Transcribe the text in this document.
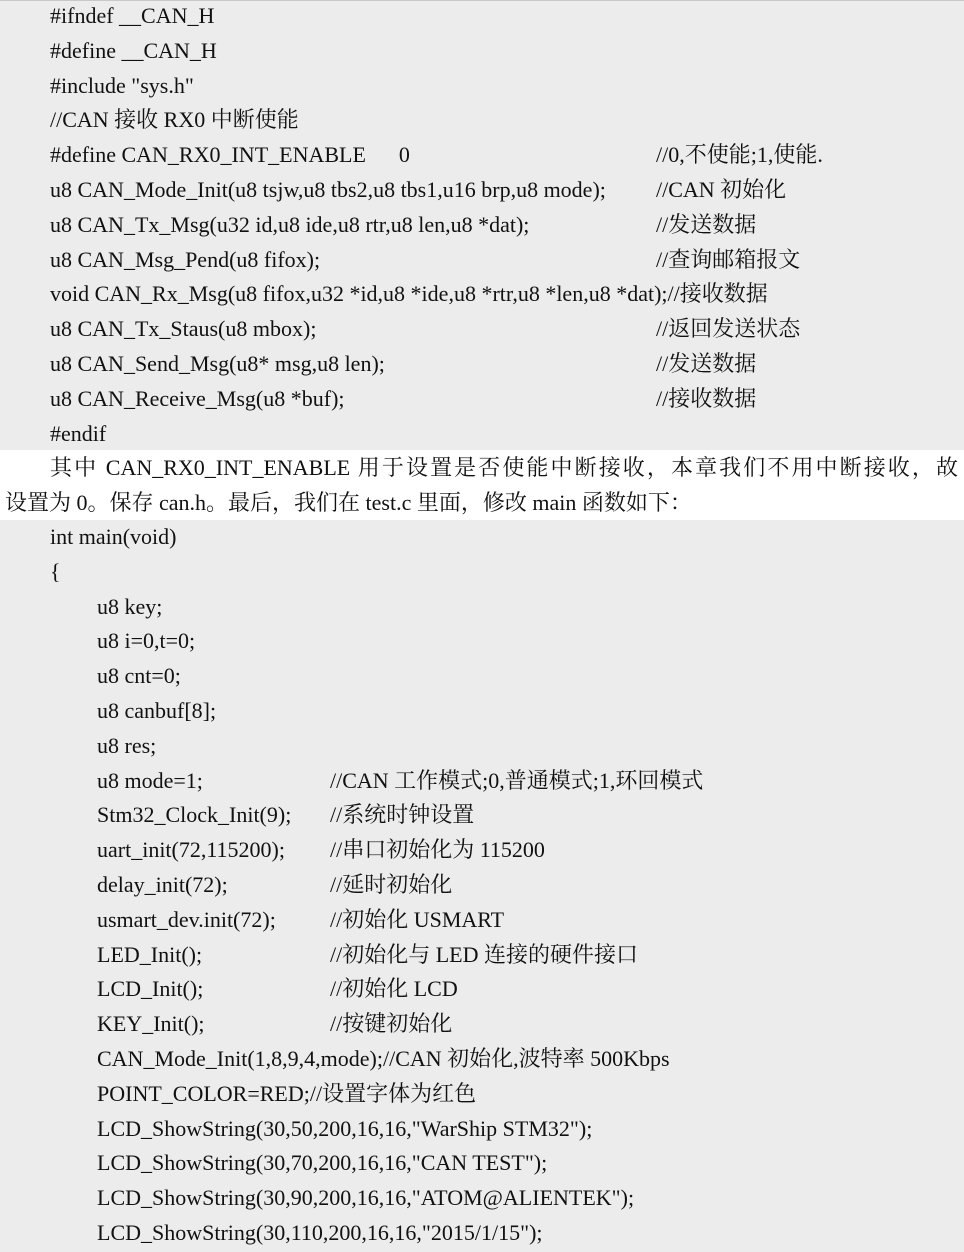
#ifndef __CAN_H
#define __CAN_H
#include "sys.h"
//CAN 接收 RX0 中断使能
#define CAN_RX0_INT_ENABLE      0	//0,不使能;1,使能.
u8 CAN_Mode_Init(u8 tsjw,u8 tbs2,u8 tbs1,u16 brp,u8 mode); //CAN 初始化
u8 CAN_Tx_Msg(u32 id,u8 ide,u8 rtr,u8 len,u8 *dat);	//发送数据
u8 CAN_Msg_Pend(u8 fifox);	//查询邮箱报文
void CAN_Rx_Msg(u8 fifox,u32 *id,u8 *ide,u8 *rtr,u8 *len,u8 *dat);//接收数据
u8 CAN_Tx_Staus(u8 mbox);	//返回发送状态
u8 CAN_Send_Msg(u8* msg,u8 len);	//发送数据
u8 CAN_Receive_Msg(u8 *buf);	//接收数据
#endif
其中 CAN_RX0_INT_ENABLE 用于设置是否使能中断接收，本章我们不用中断接收，故
设置为 0。保存 can.h。最后，我们在 test.c 里面，修改 main 函数如下：
int main(void)
{
u8 key;
u8 i=0,t=0;
u8 cnt=0;
u8 canbuf[8];
u8 res;
u8 mode=1;	//CAN 工作模式;0,普通模式;1,环回模式
Stm32_Clock_Init(9); //系统时钟设置
uart_init(72,115200); //串口初始化为 115200
delay_init(72);	//延时初始化
usmart_dev.init(72); //初始化 USMART
LED_Init();	//初始化与 LED 连接的硬件接口
LCD_Init();	//初始化 LCD
KEY_Init();	//按键初始化
CAN_Mode_Init(1,8,9,4,mode);//CAN 初始化,波特率 500Kbps
POINT_COLOR=RED;//设置字体为红色
LCD_ShowString(30,50,200,16,16,"WarShip STM32");
LCD_ShowString(30,70,200,16,16,"CAN TEST");
LCD_ShowString(30,90,200,16,16,"ATOM@ALIENTEK");
LCD_ShowString(30,110,200,16,16,"2015/1/15");
